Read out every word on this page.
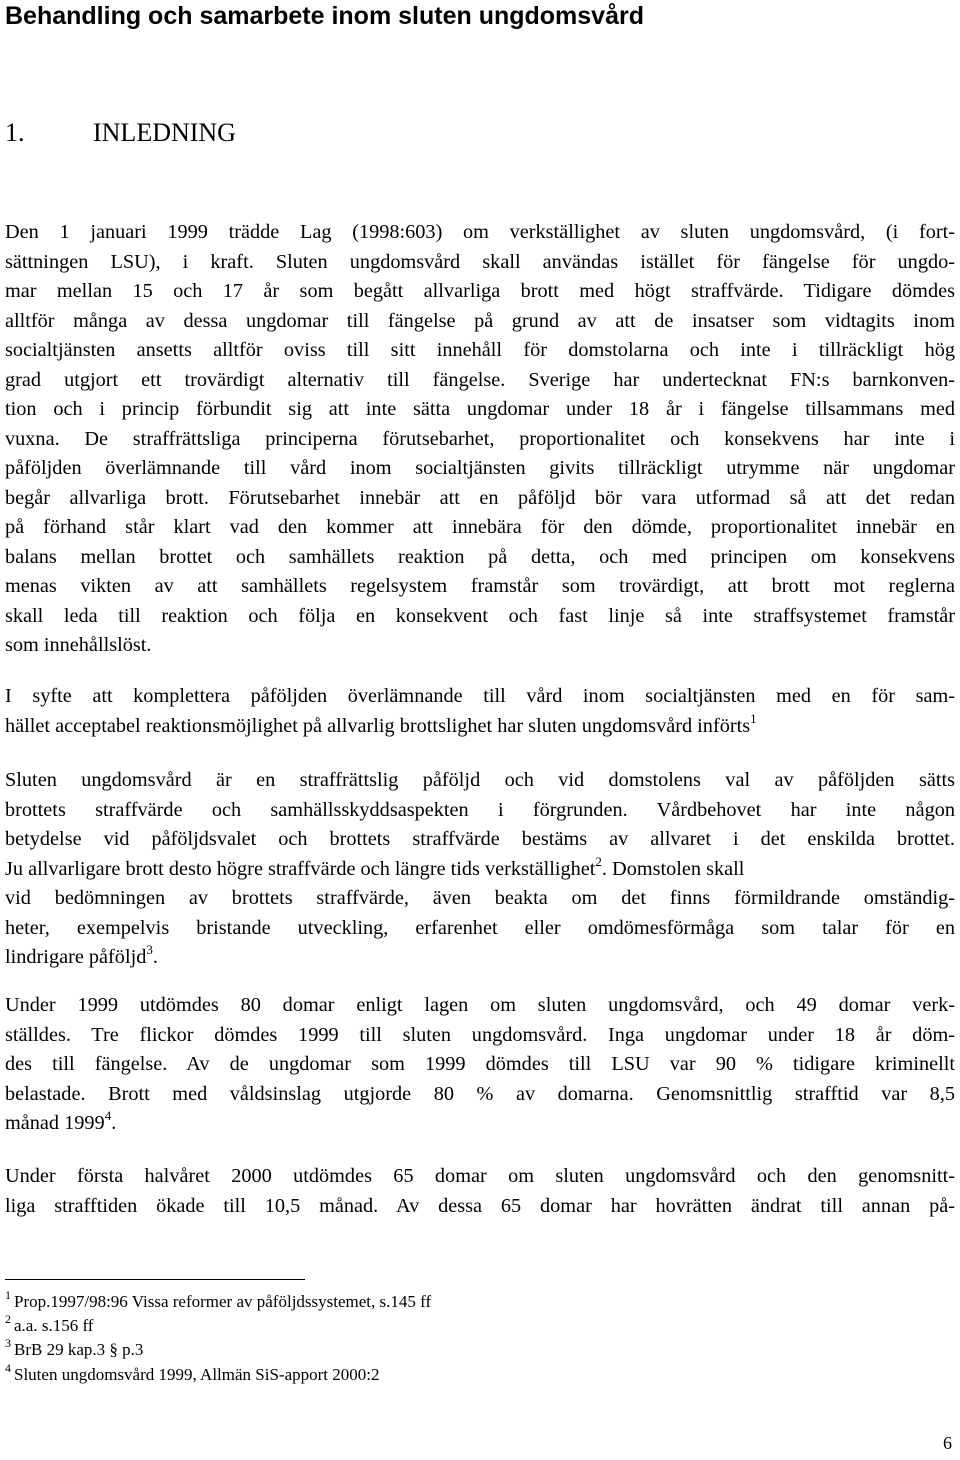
Behandling och samarbete inom sluten ungdomsvård
1.	INLEDNING
Den 1 januari 1999 trädde Lag (1998:603) om verkställighet av sluten ungdomsvård, (i fort-
sättningen LSU), i kraft. Sluten ungdomsvård skall användas istället för fängelse för ungdo-
mar mellan 15 och 17 år som begått allvarliga brott med högt straffvärde. Tidigare dömdes
alltför många av dessa ungdomar till fängelse på grund av att de insatser som vidtagits inom
socialtjänsten ansetts alltför oviss till sitt innehåll för domstolarna och inte i tillräckligt hög
grad utgjort ett trovärdigt alternativ till fängelse. Sverige har undertecknat FN:s barnkonven-
tion och i princip förbundit sig att inte sätta ungdomar under 18 år i fängelse tillsammans med
vuxna. De straffrättsliga principerna förutsebarhet, proportionalitet och konsekvens har inte i
påföljden överlämnande till vård inom socialtjänsten givits tillräckligt utrymme när ungdomar
begår allvarliga brott. Förutsebarhet innebär att en påföljd bör vara utformad så att det redan
på förhand står klart vad den kommer att innebära för den dömde, proportionalitet innebär en
balans mellan brottet och samhällets reaktion på detta, och med principen om konsekvens
menas vikten av att samhällets regelsystem framstår som trovärdigt, att brott mot reglerna
skall leda till reaktion och följa en konsekvent och fast linje så inte straffsystemet framstår
som innehållslöst.
I syfte att komplettera påföljden överlämnande till vård inom socialtjänsten med en för sam-
hället acceptabel reaktionsmöjlighet på allvarlig brottslighet har sluten ungdomsvård införts$^1$
Sluten ungdomsvård är en straffrättslig påföljd och vid domstolens val av påföljden sätts
brottets straffvärde och samhällsskyddsaspekten i förgrunden. Vårdbehovet har inte någon
betydelse vid påföljdsvalet och brottets straffvärde bestäms av allvaret i det enskilda brottet.
Ju allvarligare brott desto högre straffvärde och längre tids verkställighet$^2$. Domstolen skall
vid bedömningen av brottets straffvärde, även beakta om det finns förmildrande omständig-
heter, exempelvis bristande utveckling, erfarenhet eller omdömesförmåga som talar för en
lindrigare påföljd$^3$.
Under 1999 utdömdes 80 domar enligt lagen om sluten ungdomsvård, och 49 domar verk-
ställdes. Tre flickor dömdes 1999 till sluten ungdomsvård. Inga ungdomar under 18 år döm-
des till fängelse. Av de ungdomar som 1999 dömdes till LSU var 90 % tidigare kriminellt
belastade. Brott med våldsinslag utgjorde 80 % av domarna. Genomsnittlig strafftid var 8,5
månad 1999$^4$.
Under första halvåret 2000 utdömdes 65 domar om sluten ungdomsvård och den genomsnitt-
liga strafftiden ökade till 10,5 månad. Av dessa 65 domar har hovrätten ändrat till annan på-
$^1$ Prop.1997/98:96 Vissa reformer av påföljdssystemet, s.145 ff
$^2$ a.a. s.156 ff
$^3$ BrB 29 kap.3 § p.3
$^4$ Sluten ungdomsvård 1999, Allmän SiS-apport 2000:2
6
